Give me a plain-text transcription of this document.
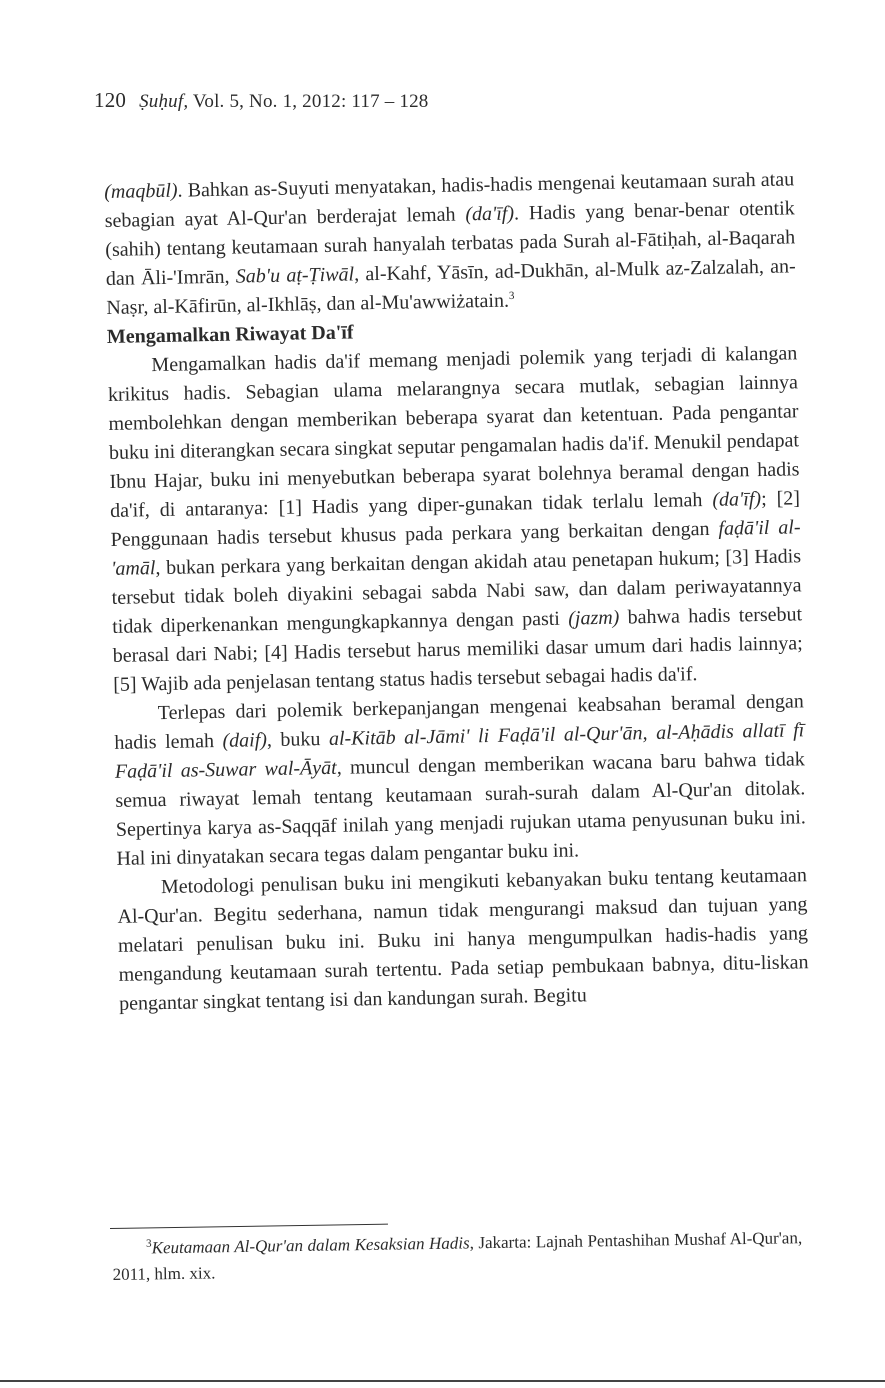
120 Ṣuḥuf, Vol. 5, No. 1, 2012: 117 – 128

(maqbūl). Bahkan as-Suyuti menyatakan, hadis-hadis mengenai keutamaan surah atau sebagian ayat Al-Qur'an berderajat lemah (da'īf). Hadis yang benar-benar otentik (sahih) tentang keutamaan surah hanyalah terbatas pada Surah al-Fātiḥah, al-Baqarah dan Āli-'Imrān, Sab'u aṭ-Ṭiwāl, al-Kahf, Yāsīn, ad-Dukhān, al-Mulk az-Zalzalah, an-Naṣr, al-Kāfirūn, al-Ikhlāṣ, dan al-Mu'awwiżatain.$^3$

Mengamalkan Riwayat Da'īf

Mengamalkan hadis da'if memang menjadi polemik yang terjadi di kalangan krikitus hadis. Sebagian ulama melarangnya secara mutlak, sebagian lainnya membolehkan dengan memberikan beberapa syarat dan ketentuan. Pada pengantar buku ini diterangkan secara singkat seputar pengamalan hadis da'if. Menukil pendapat Ibnu Hajar, buku ini menyebutkan beberapa syarat bolehnya beramal dengan hadis da'if, di antaranya: [1] Hadis yang diper-gunakan tidak terlalu lemah (da'īf); [2] Penggunaan hadis tersebut khusus pada perkara yang berkaitan dengan faḍā'il al-'amāl, bukan perkara yang berkaitan dengan akidah atau penetapan hukum; [3] Hadis tersebut tidak boleh diyakini sebagai sabda Nabi saw, dan dalam periwayatannya tidak diperkenankan mengungkapkannya dengan pasti (jazm) bahwa hadis tersebut berasal dari Nabi; [4] Hadis tersebut harus memiliki dasar umum dari hadis lainnya; [5] Wajib ada penjelasan tentang status hadis tersebut sebagai hadis da'if.

Terlepas dari polemik berkepanjangan mengenai keabsahan beramal dengan hadis lemah (daif), buku al-Kitāb al-Jāmi' li Faḍā'il al-Qur'ān, al-Aḥādis allatī fī Faḍā'il as-Suwar wal-Āyāt, muncul dengan memberikan wacana baru bahwa tidak semua riwayat lemah tentang keutamaan surah-surah dalam Al-Qur'an ditolak. Sepertinya karya as-Saqqāf inilah yang menjadi rujukan utama penyusunan buku ini. Hal ini dinyatakan secara tegas dalam pengantar buku ini.

Metodologi penulisan buku ini mengikuti kebanyakan buku tentang keutamaan Al-Qur'an. Begitu sederhana, namun tidak mengurangi maksud dan tujuan yang melatari penulisan buku ini. Buku ini hanya mengumpulkan hadis-hadis yang mengandung keutamaan surah tertentu. Pada setiap pembukaan babnya, ditu-liskan pengantar singkat tentang isi dan kandungan surah. Begitu

$^3$Keutamaan Al-Qur'an dalam Kesaksian Hadis, Jakarta: Lajnah Pentashihan Mushaf Al-Qur'an, 2011, hlm. xix.
